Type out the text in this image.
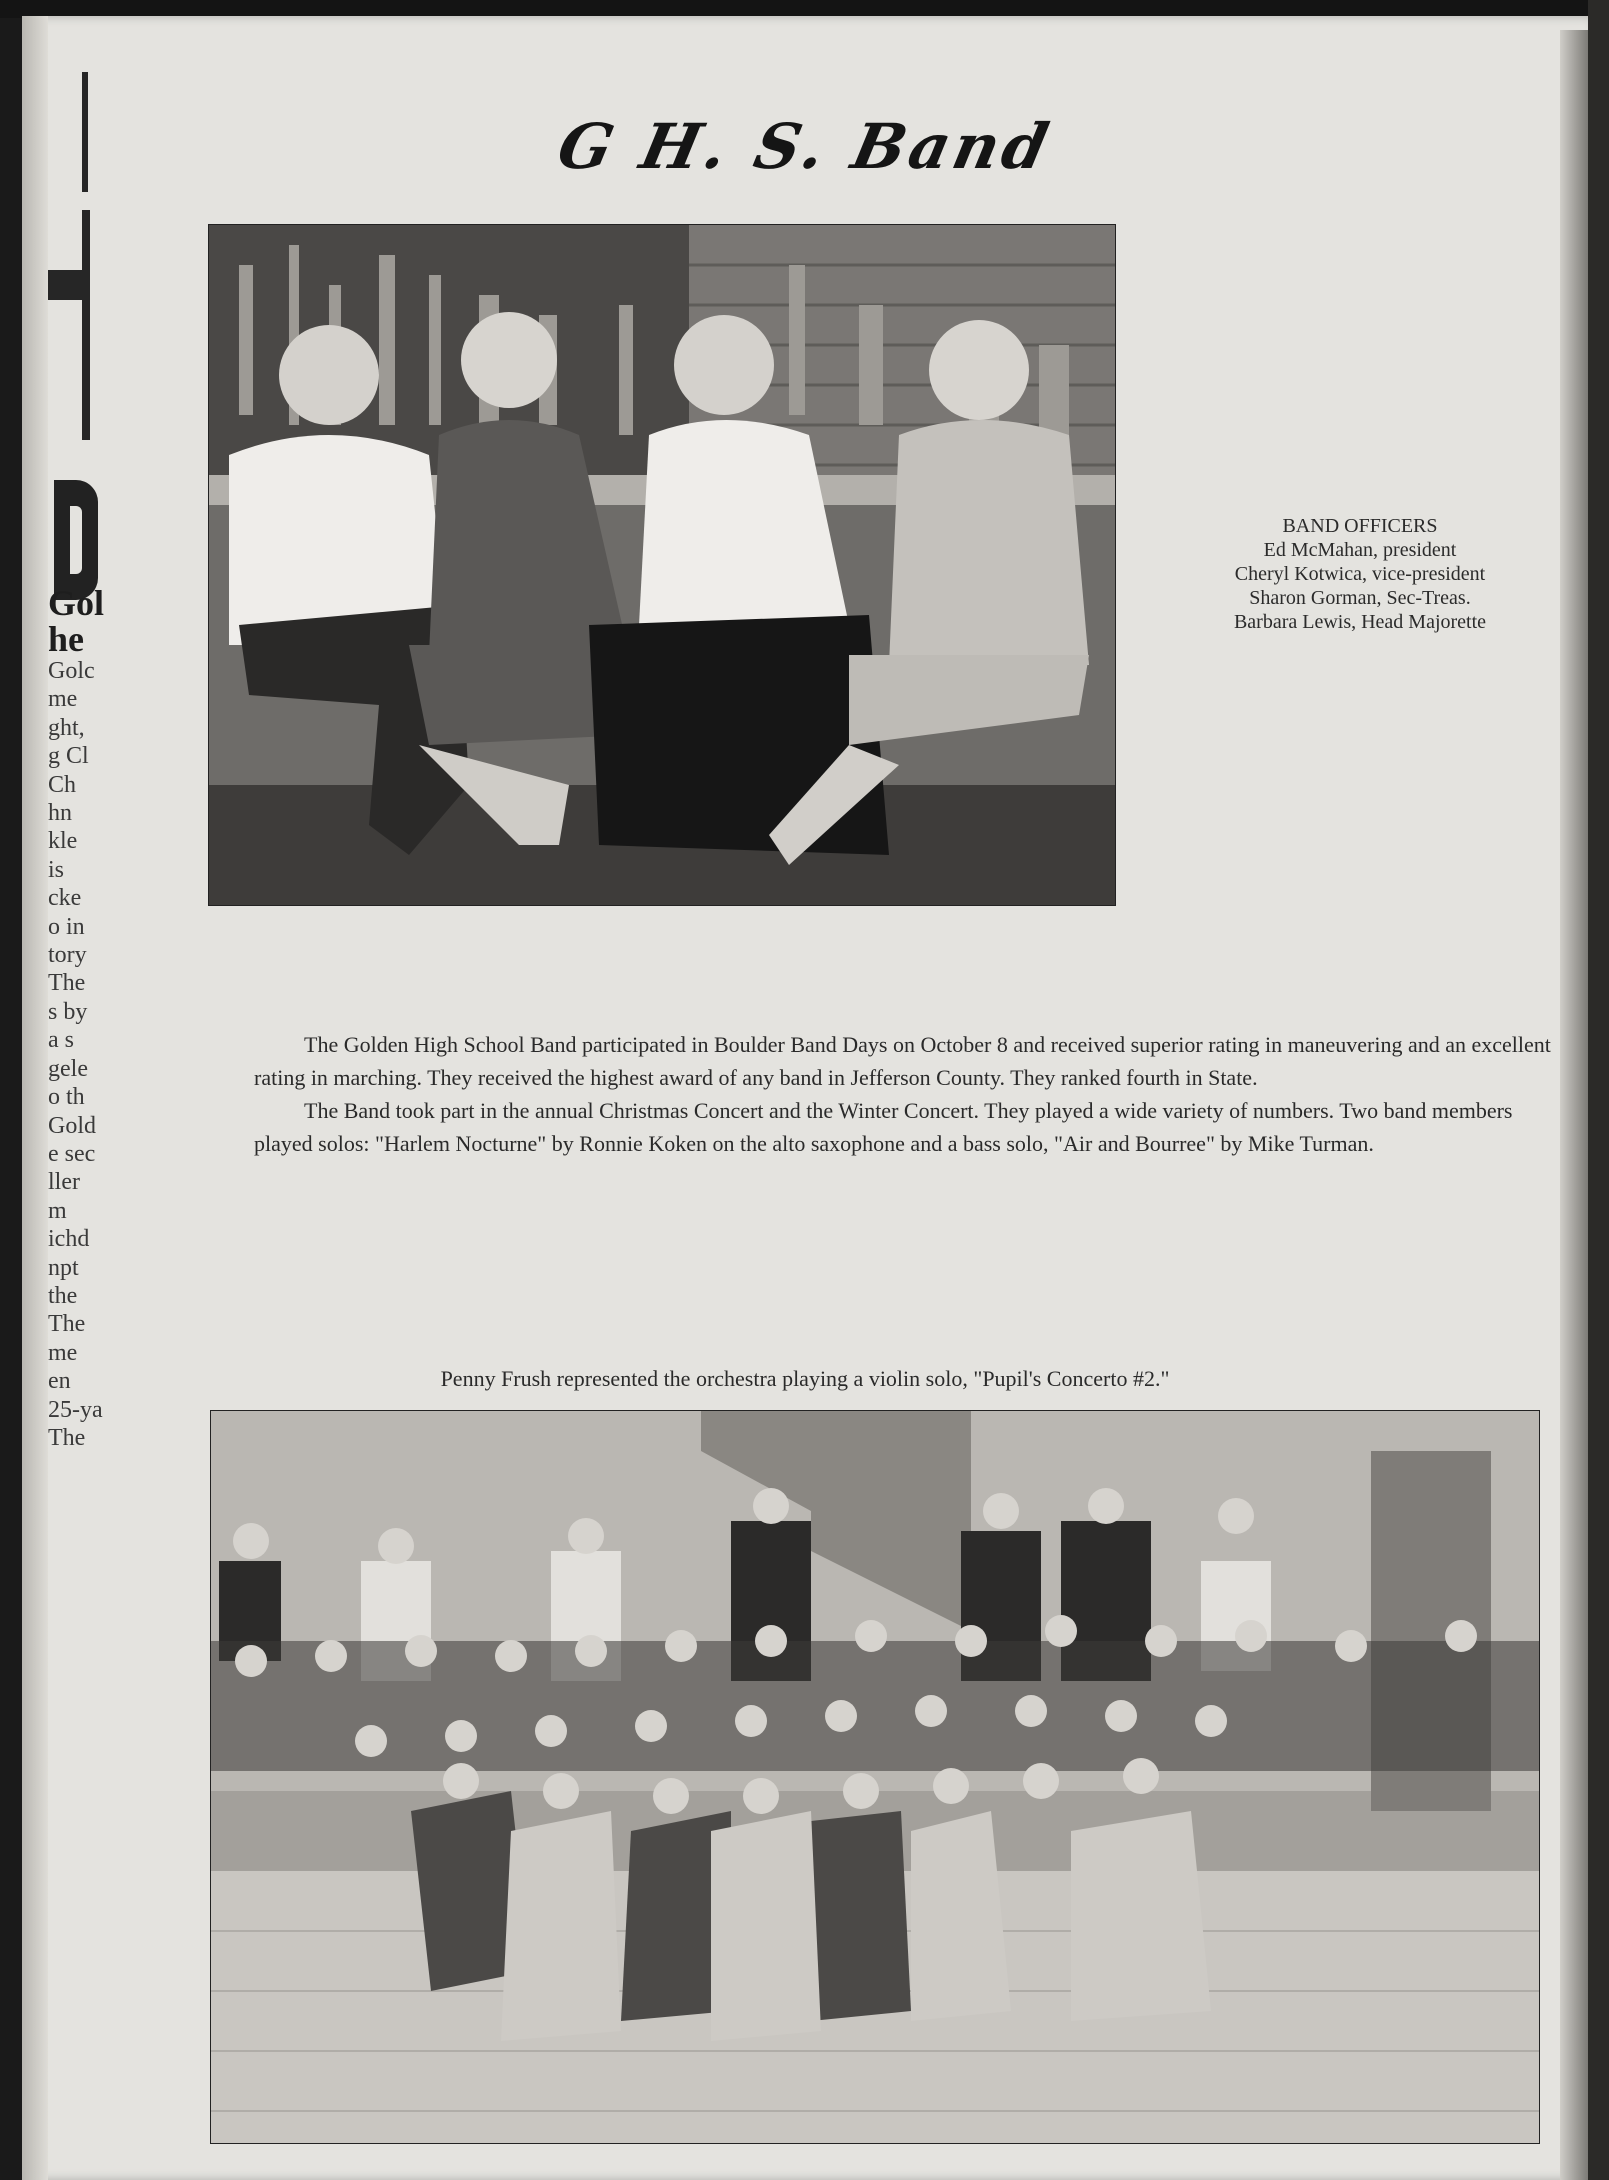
G H. S. Band
BAND OFFICERS
Ed McMahan, president
Cheryl Kotwica, vice-president
Sharon Gorman, Sec-Treas.
Barbara Lewis, Head Majorette

The Golden High School Band participated in Boulder Band Days on October 8 and received superior rating in maneuvering and an excellent rating in marching. They received the highest award of any band in Jefferson County. They ranked fourth in State.

The Band took part in the annual Christmas Concert and the Winter Concert. They played a wide variety of numbers. Two band members played solos: "Harlem Nocturne" by Ronnie Koken on the alto saxophone and a bass solo, "Air and Bourree" by Mike Turman.

Penny Frush represented the orchestra playing a violin solo, "Pupil's Concerto #2."
Gol
he
Golc
me
ght,
g Cl
Ch
hn
kle
is
cke
o in
tory
The
s by
a s
gele
o th
Gold
e sec
ller
m
ichd
npt
the
The
me
en
25-ya
The
